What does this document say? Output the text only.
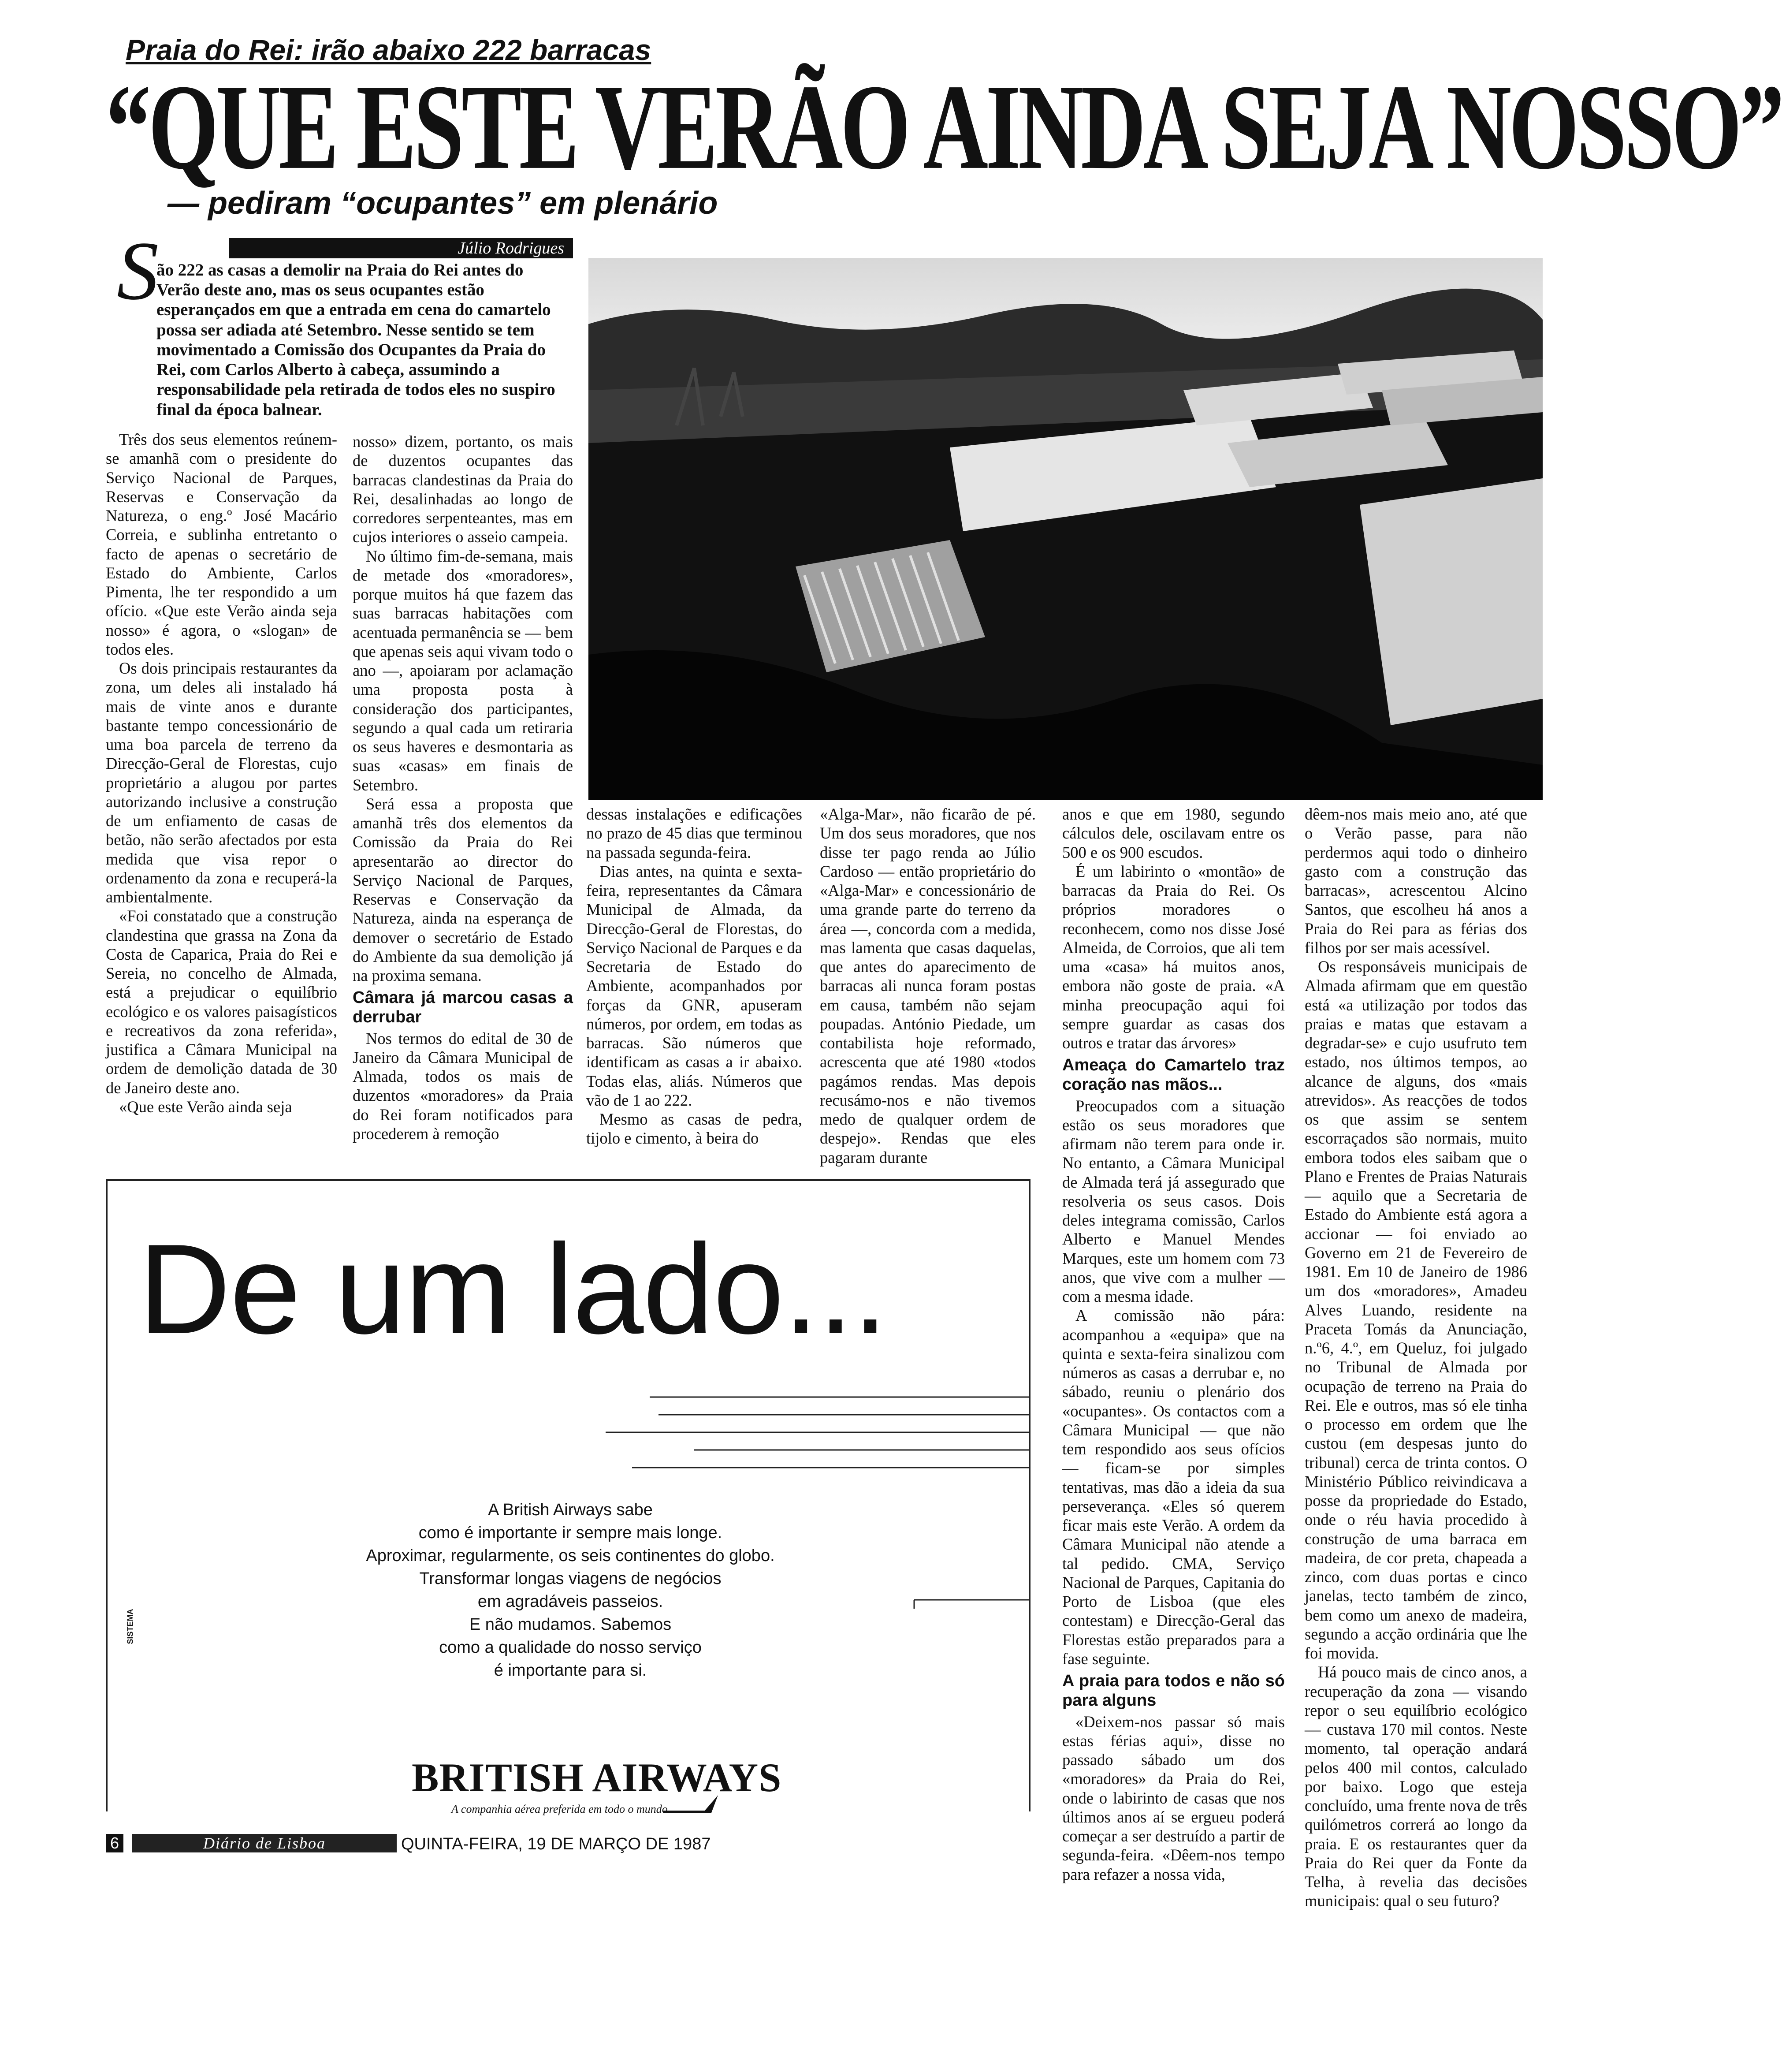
Praia do Rei: irão abaixo 222 barracas
“QUE ESTE VERÃO AINDA SEJA NOSSO”
— pediram “ocupantes” em plenário
Júlio Rodrigues
S
ão 222 as casas a demolir na Praia do Rei antes do
Verão deste ano, mas os seus ocupantes estão esperançados em que a entrada em cena do camartelo possa ser adiada até Setembro. Nesse sentido se tem movimentado a Comissão dos Ocupantes da Praia do Rei, com Carlos Alberto à cabeça, assumindo a responsabilidade pela retirada de todos eles no suspiro final da época balnear.

Três dos seus elementos reúnem-se amanhã com o presidente do Serviço Nacional de Parques, Reservas e Conservação da Natureza, o eng.º José Macário Correia, e sublinha entretanto o facto de apenas o secretário de Estado do Ambiente, Carlos Pimenta, lhe ter respondido a um ofício. «Que este Verão ainda seja nosso» é agora, o «slogan» de todos eles.

Os dois principais restaurantes da zona, um deles ali instalado há mais de vinte anos e durante bastante tempo concessionário de uma boa parcela de terreno da Direcção-Geral de Florestas, cujo proprietário a alugou por partes autorizando inclusive a construção de um enfiamento de casas de betão, não serão afectados por esta medida que visa repor o ordenamento da zona e recuperá-la ambientalmente.

«Foi constatado que a construção clandestina que grassa na Zona da Costa de Caparica, Praia do Rei e Sereia, no concelho de Almada, está a prejudicar o equilíbrio ecológico e os valores paisagísticos e recreativos da zona referida», justifica a Câmara Municipal na ordem de demolição datada de 30 de Janeiro deste ano.

«Que este Verão ainda seja

nosso» dizem, portanto, os mais de duzentos ocupantes das barracas clandestinas da Praia do Rei, desalinhadas ao longo de corredores serpenteantes, mas em cujos interiores o asseio campeia.

No último fim-de-semana, mais de metade dos «moradores», porque muitos há que fazem das suas barracas habitações com acentuada permanência se — bem que apenas seis aqui vivam todo o ano —, apoiaram por aclamação uma proposta posta à consideração dos participantes, segundo a qual cada um retiraria os seus haveres e desmontaria as suas «casas» em finais de Setembro.

Será essa a proposta que amanhã três dos elementos da Comissão da Praia do Rei apresentarão ao director do Serviço Nacional de Parques, Reservas e Conservação da Natureza, ainda na esperança de demover o secretário de Estado do Ambiente da sua demolição já na proxima semana.

Câmara já marcou casas a derrubar

Nos termos do edital de 30 de Janeiro da Câmara Municipal de Almada, todos os mais de duzentos «moradores» da Praia do Rei foram notificados para procederem à remoção

dessas instalações e edificações no prazo de 45 dias que terminou na passada segunda-feira.

Dias antes, na quinta e sexta-feira, representantes da Câmara Municipal de Almada, da Direcção-Geral de Florestas, do Serviço Nacional de Parques e da Secretaria de Estado do Ambiente, acompanhados por forças da GNR, apuseram números, por ordem, em todas as barracas. São números que identificam as casas a ir abaixo. Todas elas, aliás. Números que vão de 1 ao 222.

Mesmo as casas de pedra, tijolo e cimento, à beira do

«Alga-Mar», não ficarão de pé. Um dos seus moradores, que nos disse ter pago renda ao Júlio Cardoso — então proprietário do «Alga-Mar» e concessionário de uma grande parte do terreno da área —, concorda com a medida, mas lamenta que casas daquelas, que antes do aparecimento de barracas ali nunca foram postas em causa, também não sejam poupadas. António Piedade, um contabilista hoje reformado, acrescenta que até 1980 «todos pagámos rendas. Mas depois recusámo-nos e não tivemos medo de qualquer ordem de despejo». Rendas que eles pagaram durante

anos e que em 1980, segundo cálculos dele, oscilavam entre os 500 e os 900 escudos.

É um labirinto o «montão» de barracas da Praia do Rei. Os próprios moradores o reconhecem, como nos disse José Almeida, de Corroios, que ali tem uma «casa» há muitos anos, embora não goste de praia. «A minha preocupação aqui foi sempre guardar as casas dos outros e tratar das árvores»

Ameaça do Camartelo traz coração nas mãos...

Preocupados com a situação estão os seus moradores que afirmam não terem para onde ir. No entanto, a Câmara Municipal de Almada terá já assegurado que resolveria os seus casos. Dois deles integrama comissão, Carlos Alberto e Manuel Mendes Marques, este um homem com 73 anos, que vive com a mulher — com a mesma idade.

A comissão não pára: acompanhou a «equipa» que na quinta e sexta-feira sinalizou com números as casas a derrubar e, no sábado, reuniu o plenário dos «ocupantes». Os contactos com a Câmara Municipal — que não tem respondido aos seus ofícios — ficam-se por simples tentativas, mas dão a ideia da sua perseverança. «Eles só querem ficar mais este Verão. A ordem da Câmara Municipal não atende a tal pedido. CMA, Serviço Nacional de Parques, Capitania do Porto de Lisboa (que eles contestam) e Direcção-Geral das Florestas estão preparados para a fase seguinte.

A praia para todos e não só para alguns

«Deixem-nos passar só mais estas férias aqui», disse no passado sábado um dos «moradores» da Praia do Rei, onde o labirinto de casas que nos últimos anos aí se ergueu poderá começar a ser destruído a partir de segunda-feira. «Dêem-nos tempo para refazer a nossa vida,

dêem-nos mais meio ano, até que o Verão passe, para não perdermos aqui todo o dinheiro gasto com a construção das barracas», acrescentou Alcino Santos, que escolheu há anos a Praia do Rei para as férias dos filhos por ser mais acessível.

Os responsáveis municipais de Almada afirmam que em questão está «a utilização por todos das praias e matas que estavam a degradar-se» e cujo usufruto tem estado, nos últimos tempos, ao alcance de alguns, dos «mais atrevidos». As reacções de todos os que assim se sentem escorraçados são normais, muito embora todos eles saibam que o Plano e Frentes de Praias Naturais — aquilo que a Secretaria de Estado do Ambiente está agora a accionar — foi enviado ao Governo em 21 de Fevereiro de 1981. Em 10 de Janeiro de 1986 um dos «moradores», Amadeu Alves Luando, residente na Praceta Tomás da Anunciação, n.º6, 4.º, em Queluz, foi julgado no Tribunal de Almada por ocupação de terreno na Praia do Rei. Ele e outros, mas só ele tinha o processo em ordem que lhe custou (em despesas junto do tribunal) cerca de trinta contos. O Ministério Público reivindicava a posse da propriedade do Estado, onde o réu havia procedido à construção de uma barraca em madeira, de cor preta, chapeada a zinco, com duas portas e cinco janelas, tecto também de zinco, bem como um anexo de madeira, segundo a acção ordinária que lhe foi movida.

Há pouco mais de cinco anos, a recuperação da zona — visando repor o seu equilíbrio ecológico — custava 170 mil contos. Neste momento, tal operação andará pelos 400 mil contos, calculado por baixo. Logo que esteja concluído, uma frente nova de três quilómetros correrá ao longo da praia. E os restaurantes quer da Praia do Rei quer da Fonte da Telha, à revelia das decisões municipais: qual o seu futuro?

De um lado...
A British Airways sabe
como é importante ir sempre mais longe.
Aproximar, regularmente, os seis continentes do globo.
Transformar longas viagens de negócios
em agradáveis passeios.
E não mudamos. Sabemos
como a qualidade do nosso serviço
é importante para si.
BRITISH AIRWAYS
A companhia aérea preferida em todo o mundo.
SISTEMA
6	Diário de Lisboa	QUINTA-FEIRA, 19 DE MARÇO DE 1987
